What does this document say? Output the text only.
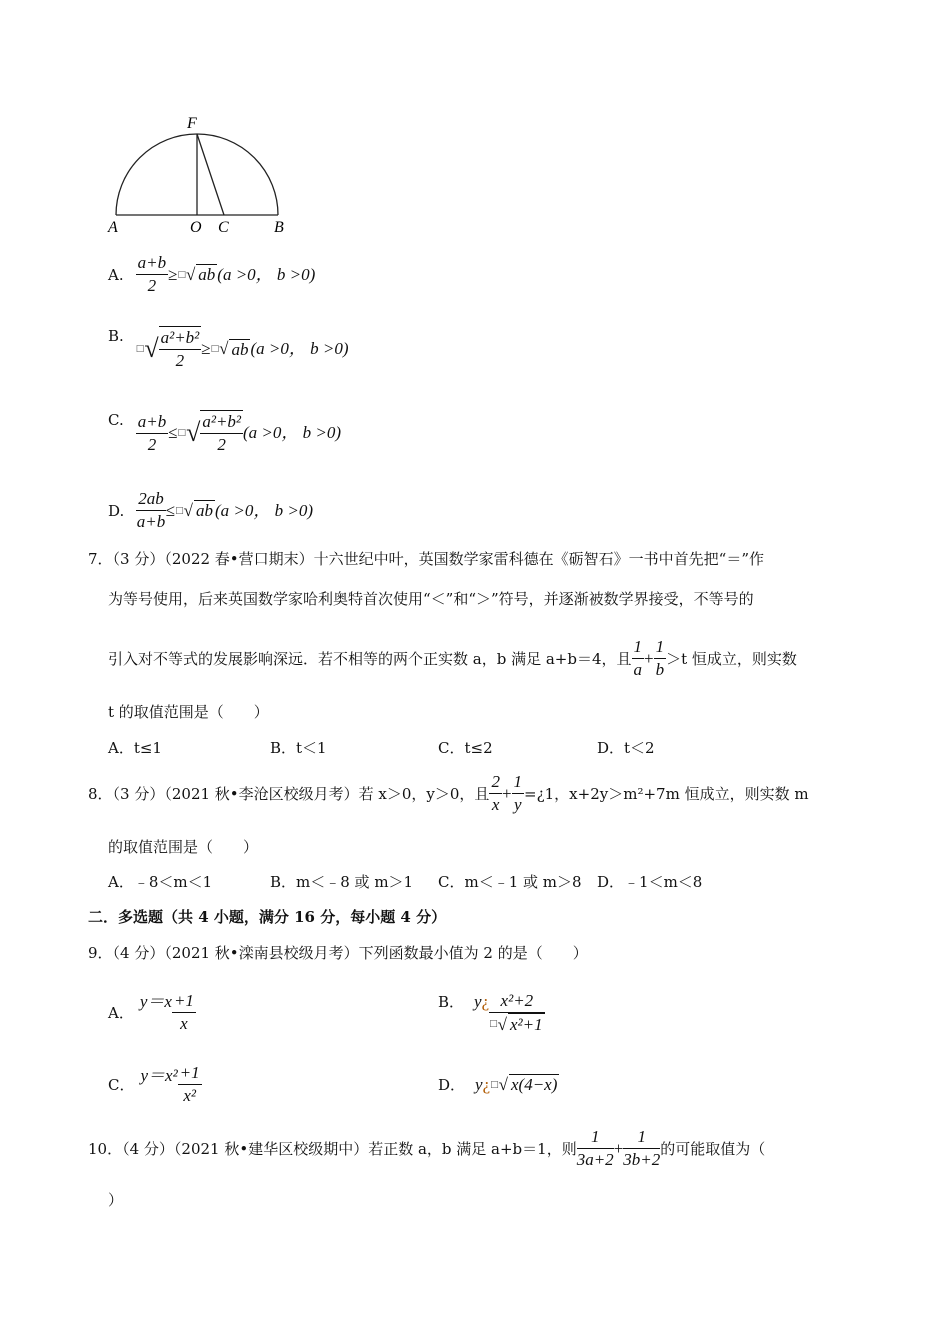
F
A	O C	B
A. $\frac{a+b}{2}$ ≥ □ √ ab (a >0， b >0)
B.
□ √ $\frac{\text{a²+b²}}{2}$ ≥ □ √ ab (a >0， b >0)
C. $\frac{a+b}{2}$ ≤ □ √ $\frac{\text{a²+b²}}{2} (a >0$， b >0)
D. $\frac{2ab}{a+b}$ ≤ □ √ ab (a >0， b >0)
7．（3 分）（2022 春•营口期末）十六世纪中叶，英国数学家雷科德在《砺智石》一书中首先把“＝”作
为等号使用，后来英国数学家哈利奥特首次使用“＜”和“＞”符号，并逐渐被数学界接受，不等号的
引入对不等式的发展影响深远．若不相等的两个正实数 a，b 满足 a+b＝4，且 $\frac{1}{a} + \frac{1}{b} >t$ 恒成立，则实数
t 的取值范围是（　　）
A．t≤1	B．t＜1	C．t≤2	D．t＜2
8．（3 分）（2021 秋•李沧区校级月考）若 x＞0，y＞0，且 $\frac{2}{x} + \frac{1}{y}$ =¿1，x+2y＞m²+7m 恒成立，则实数 m
的取值范围是（　　）
A．﹣8＜m＜1	B．m＜﹣8 或 m＞1 C．m＜﹣1 或 m＞8 D．﹣1＜m＜8
二．多选题（共 4 小题，满分 16 分，每小题 4 分）
9．（4 分）（2021 秋•滦南县校级月考）下列函数最小值为 2 的是（　　）
A．
$y=x \frac{+1}{x}$	B． y ¿ $\frac{\text{x²+2}}{^□√ x^2+1}$
C． $y=x^2 \frac{+1}{\text{x²}}$	D． y ¿ □ √ x(4−x)
10．（4 分）（2021 秋•建华区校级期中）若正数 a，b 满足 a+b＝1，则 $\frac{1}{3a+2} + \frac{1}{3b+2}$ 的可能取值为（
）
